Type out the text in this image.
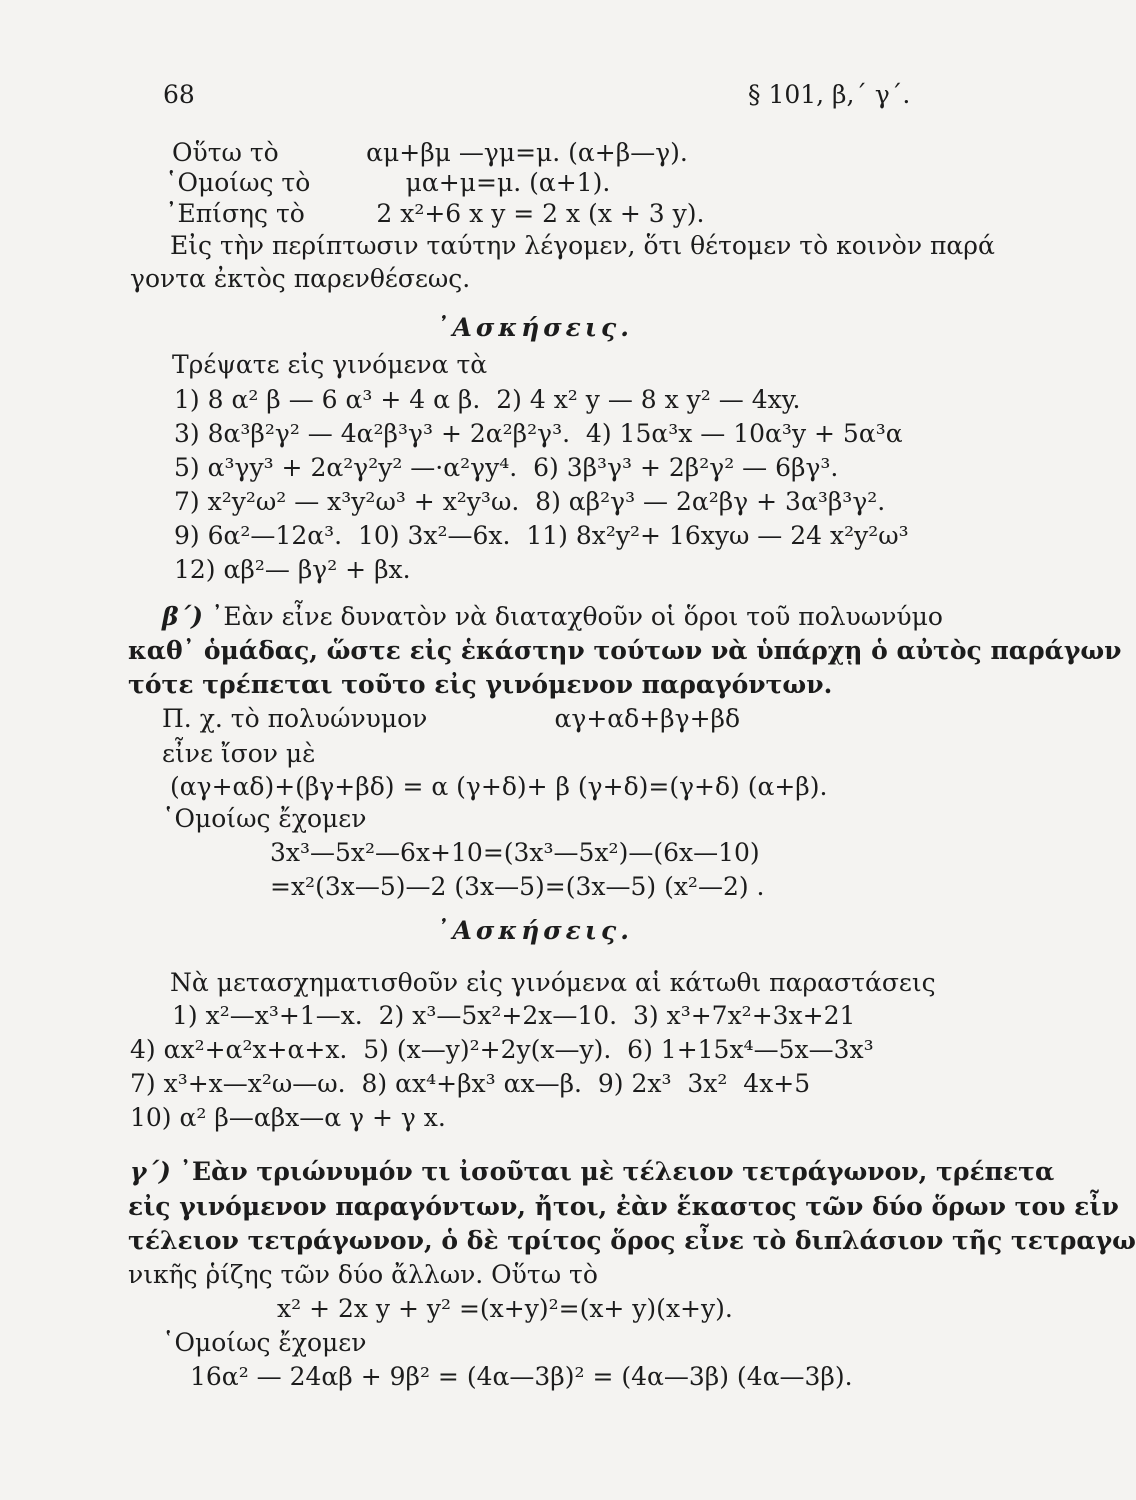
68	§ 101, β,΄ γ΄.
Οὕτω τὸ           αμ+βμ —γμ=μ. (α+β—γ).
῾Ομοίως τὸ            μα+μ=μ. (α+1).
᾿Επίσης τὸ         2 x²+6 x y = 2 x (x + 3 y).
Εἰς τὴν περίπτωσιν ταύτην λέγομεν, ὅτι θέτομεν τὸ κοινὸν παρά
γοντα ἐκτὸς παρενθέσεως.
᾿Ασκήσεις.
Τρέψατε εἰς γινόμενα τὰ
1) 8 α² β — 6 α³ + 4 α β.  2) 4 x² y — 8 x y² — 4xy.
3) 8α³β²γ² — 4α²β³γ³ + 2α²β²γ³.  4) 15α³x — 10α³y + 5α³α
5) α³γy³ + 2α²γ²y² —·α²γy⁴.  6) 3β³γ³ + 2β²γ² — 6βγ³.
7) x²y²ω² — x³y²ω³ + x²y³ω.  8) αβ²γ³ — 2α²βγ + 3α³β³γ².
9) 6α²—12α³.  10) 3x²—6x.  11) 8x²y²+ 16xyω — 24 x²y²ω³
12) αβ²— βγ² + βx.
β΄) ᾿Εὰν εἶνε δυνατὸν νὰ διαταχθοῦν οἱ ὅροι τοῦ πολυωνύμο
καθ᾿ ὁμάδας, ὥστε εἰς ἑκάστην τούτων νὰ ὑπάρχῃ ὁ αὐτὸς παράγων
τότε τρέπεται τοῦτο εἰς γινόμενον παραγόντων.
Π. χ. τὸ πολυώνυμον                αγ+αδ+βγ+βδ
εἶνε ἴσον μὲ
(αγ+αδ)+(βγ+βδ) = α (γ+δ)+ β (γ+δ)=(γ+δ) (α+β).
῾Ομοίως ἔχομεν
3x³—5x²—6x+10=(3x³—5x²)—(6x—10)
=x²(3x—5)—2 (3x—5)=(3x—5) (x²—2) .
᾿Ασκήσεις.
Νὰ μετασχηματισθοῦν εἰς γινόμενα αἱ κάτωθι παραστάσεις
1) x²—x³+1—x.  2) x³—5x²+2x—10.  3) x³+7x²+3x+21
4) αx²+α²x+α+x.  5) (x—y)²+2y(x—y).  6) 1+15x⁴—5x—3x³
7) x³+x—x²ω—ω.  8) αx⁴+βx³ αx—β.  9) 2x³  3x²  4x+5
10) α² β—αβx—α γ + γ x.
γ΄) ᾿Εὰν τριώνυμόν τι ἰσοῦται μὲ τέλειον τετράγωνον, τρέπετα
εἰς γινόμενον παραγόντων, ἤτοι, ἐὰν ἕκαστος τῶν δύο ὅρων του εἶν
τέλειον τετράγωνον, ὁ δὲ τρίτος ὅρος εἶνε τὸ διπλάσιον τῆς τετραγω
νικῆς ῥίζης τῶν δύο ἄλλων. Οὕτω τὸ
x² + 2x y + y² =(x+y)²=(x+ y)(x+y).
῾Ομοίως ἔχομεν
16α² — 24αβ + 9β² = (4α—3β)² = (4α—3β) (4α—3β).
